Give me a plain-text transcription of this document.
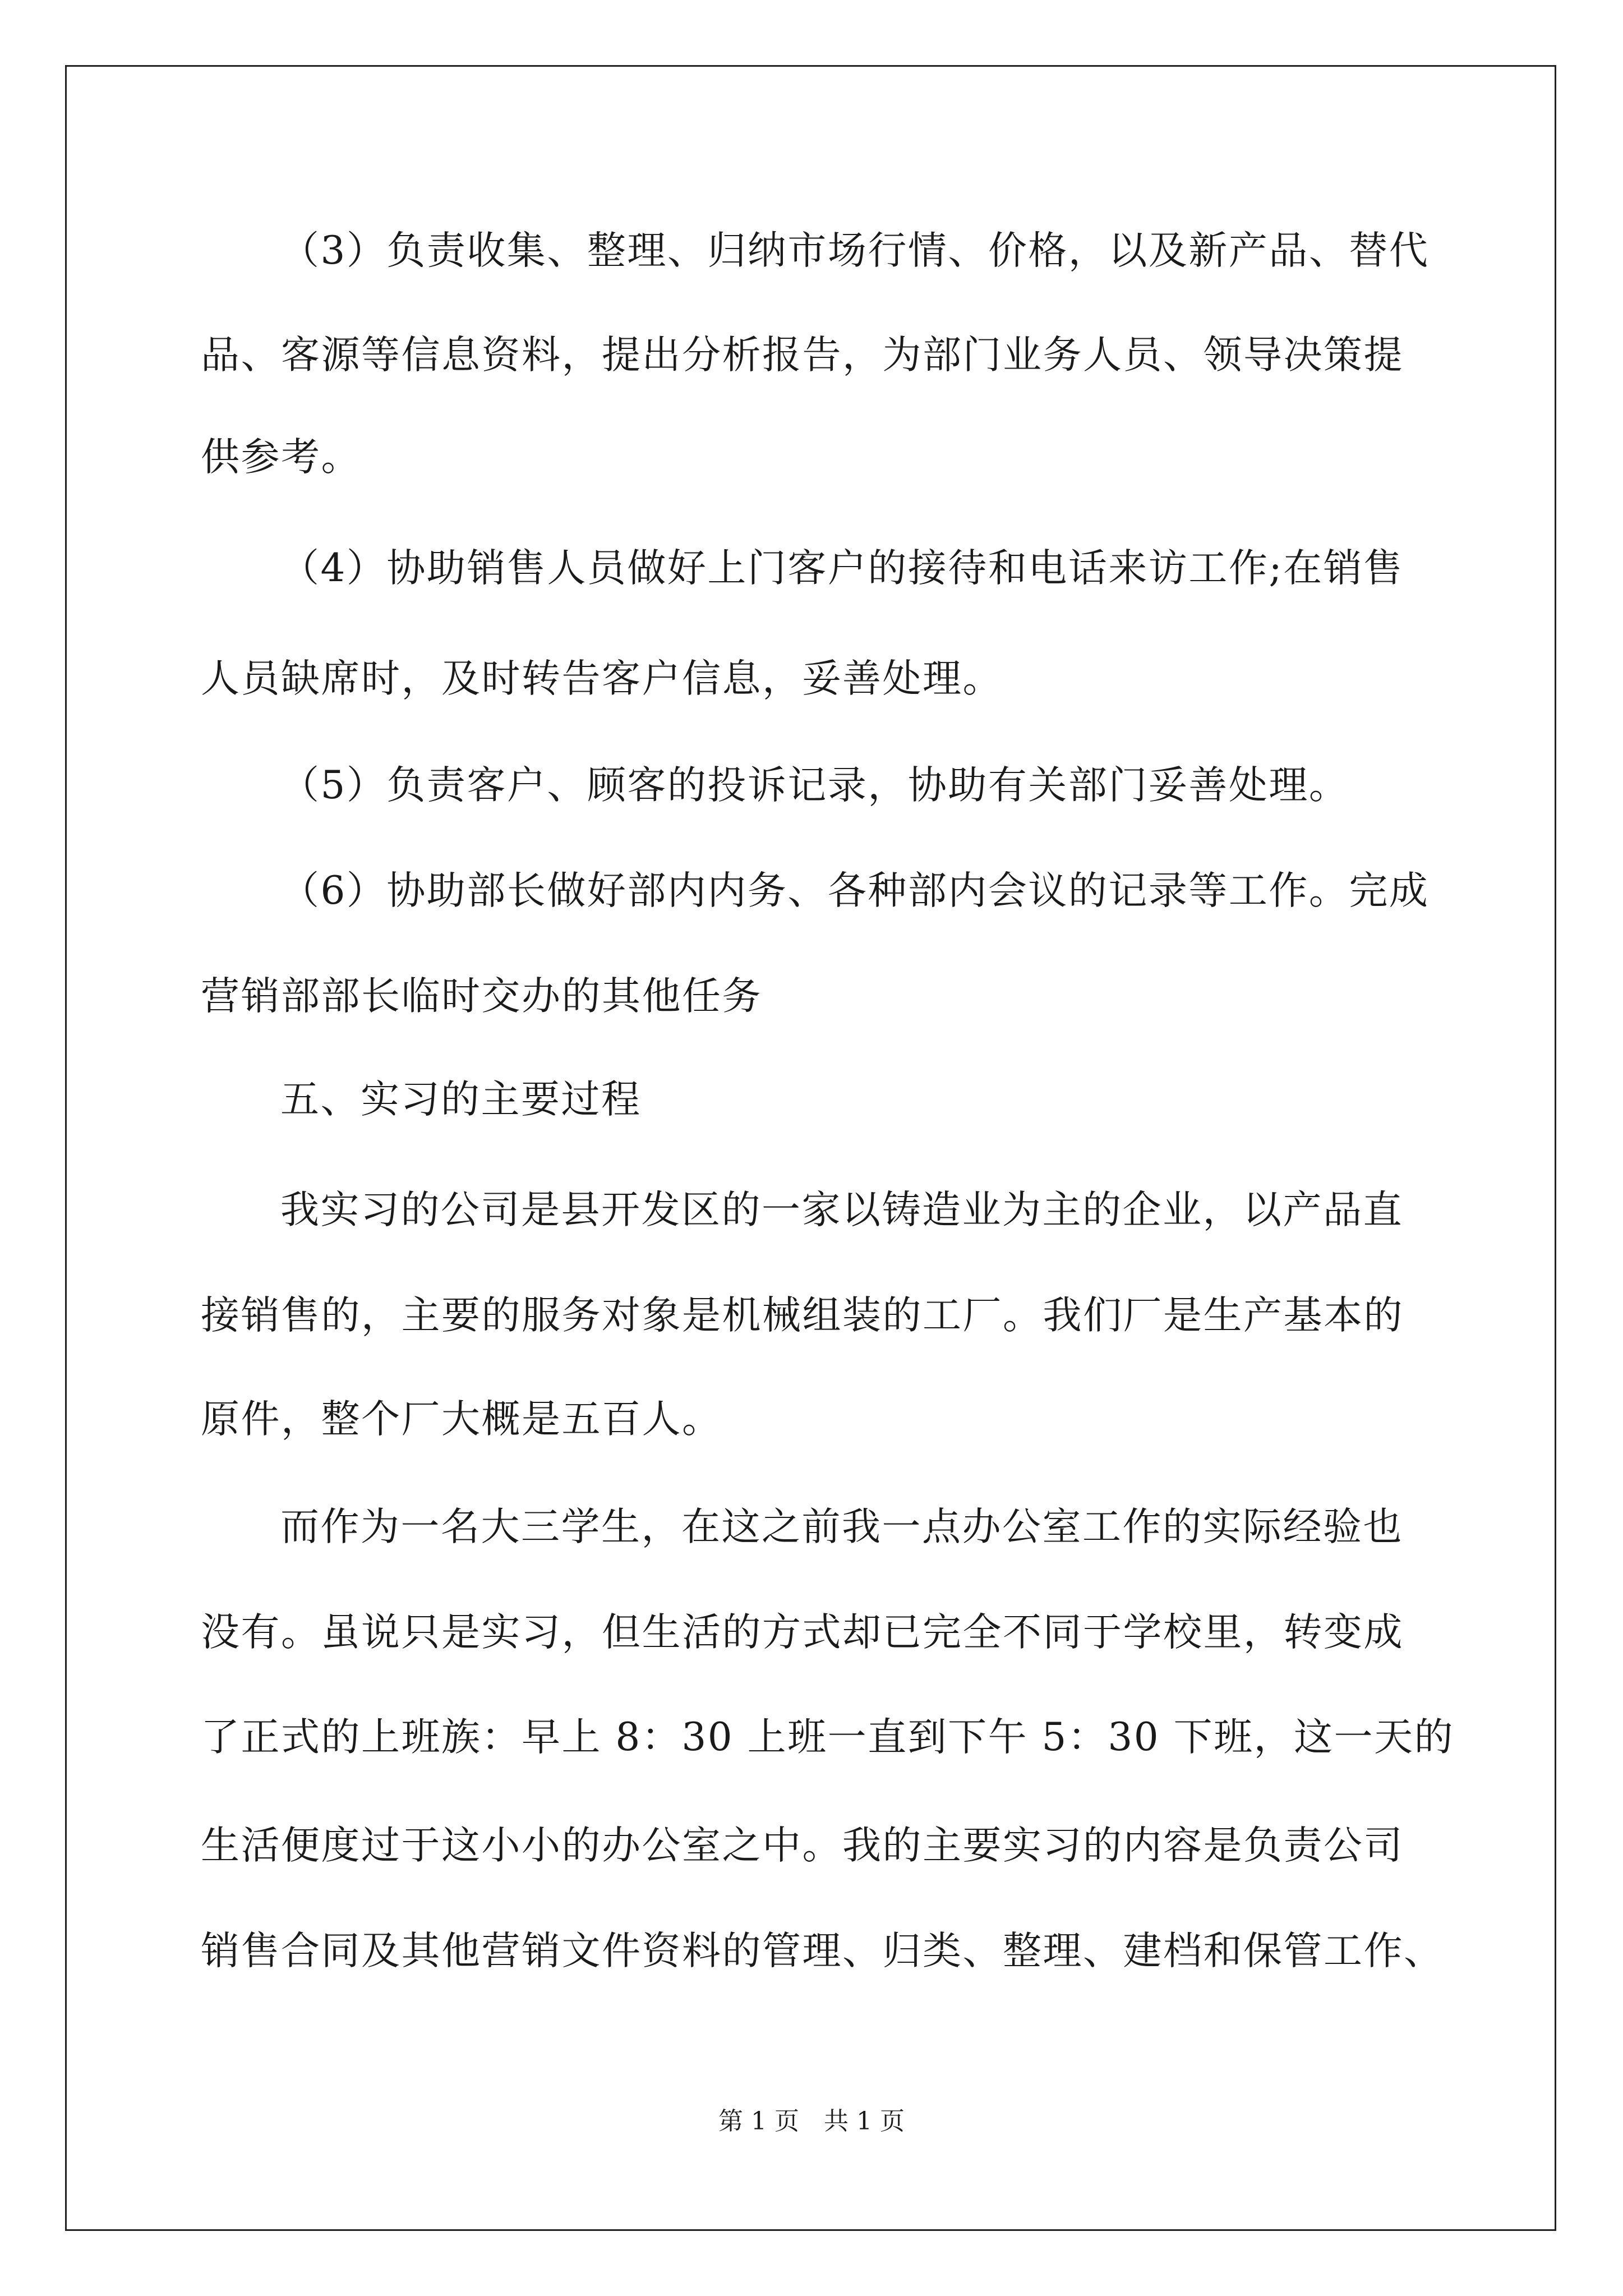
（3）负责收集、整理、归纳市场行情、价格，以及新产品、替代
品、客源等信息资料，提出分析报告，为部门业务人员、领导决策提
供参考。
（4）协助销售人员做好上门客户的接待和电话来访工作;在销售
人员缺席时，及时转告客户信息，妥善处理。
（5）负责客户、顾客的投诉记录，协助有关部门妥善处理。
（6）协助部长做好部内内务、各种部内会议的记录等工作。完成
营销部部长临时交办的其他任务
五、实习的主要过程
我实习的公司是县开发区的一家以铸造业为主的企业，以产品直
接销售的，主要的服务对象是机械组装的工厂。我们厂是生产基本的
原件，整个厂大概是五百人。
而作为一名大三学生，在这之前我一点办公室工作的实际经验也
没有。虽说只是实习，但生活的方式却已完全不同于学校里，转变成
了正式的上班族：早上 8：30 上班一直到下午 5：30 下班，这一天的
生活便度过于这小小的办公室之中。我的主要实习的内容是负责公司
销售合同及其他营销文件资料的管理、归类、整理、建档和保管工作、
第 1 页　共 1 页
